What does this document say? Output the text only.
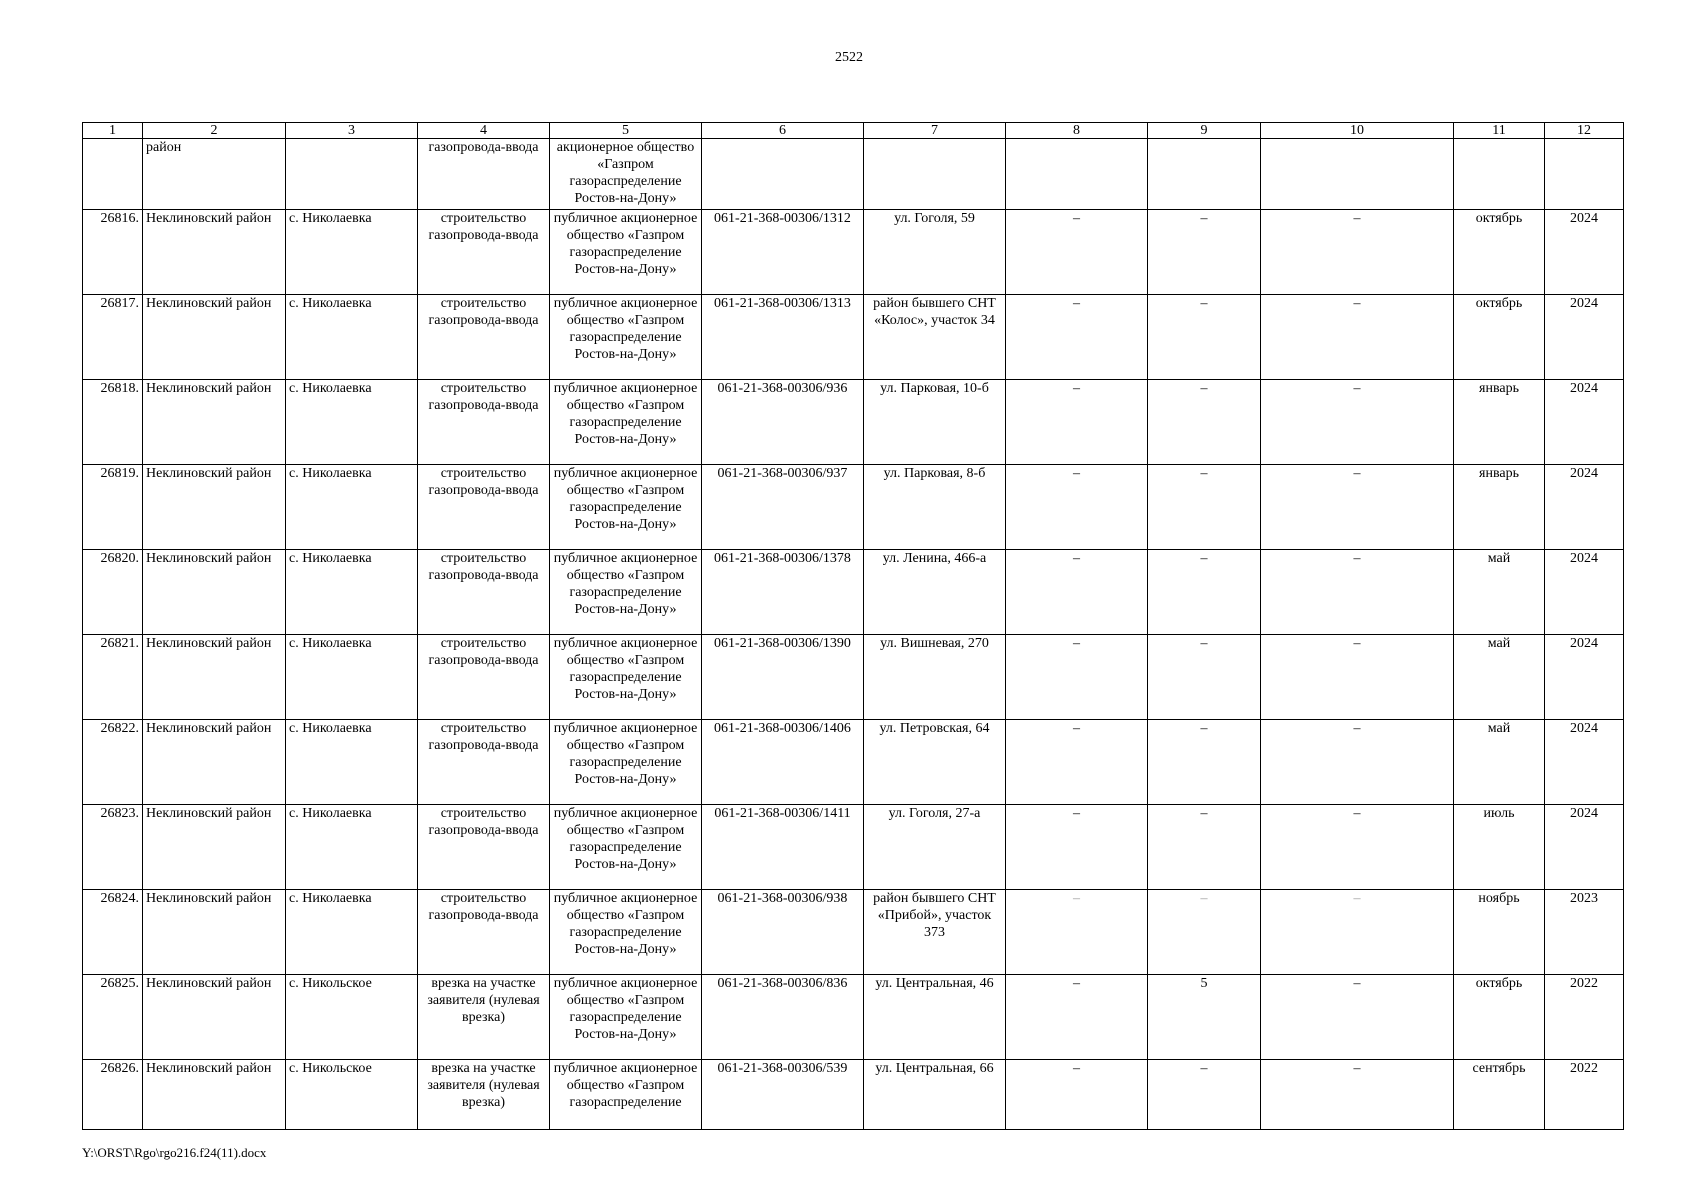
2522
1	2	3	4	5	6	7	8	9	10	11	12
	район		газопровода-ввода	акционерное общество «Газпром газораспределение Ростов-на-Дону»							
26816.	Неклиновский район	с. Николаевка	строительство газопровода-ввода	публичное акционерное общество «Газпром газораспределение Ростов-на-Дону»	061-21-368-00306/1312	ул. Гоголя, 59	–	–	–	октябрь	2024
26817.	Неклиновский район	с. Николаевка	строительство газопровода-ввода	публичное акционерное общество «Газпром газораспределение Ростов-на-Дону»	061-21-368-00306/1313	район бывшего СНТ «Колос», участок 34	–	–	–	октябрь	2024
26818.	Неклиновский район	с. Николаевка	строительство газопровода-ввода	публичное акционерное общество «Газпром газораспределение Ростов-на-Дону»	061-21-368-00306/936	ул. Парковая, 10-б	–	–	–	январь	2024
26819.	Неклиновский район	с. Николаевка	строительство газопровода-ввода	публичное акционерное общество «Газпром газораспределение Ростов-на-Дону»	061-21-368-00306/937	ул. Парковая, 8-б	–	–	–	январь	2024
26820.	Неклиновский район	с. Николаевка	строительство газопровода-ввода	публичное акционерное общество «Газпром газораспределение Ростов-на-Дону»	061-21-368-00306/1378	ул. Ленина, 466-а	–	–	–	май	2024
26821.	Неклиновский район	с. Николаевка	строительство газопровода-ввода	публичное акционерное общество «Газпром газораспределение Ростов-на-Дону»	061-21-368-00306/1390	ул. Вишневая, 270	–	–	–	май	2024
26822.	Неклиновский район	с. Николаевка	строительство газопровода-ввода	публичное акционерное общество «Газпром газораспределение Ростов-на-Дону»	061-21-368-00306/1406	ул. Петровская, 64	–	–	–	май	2024
26823.	Неклиновский район	с. Николаевка	строительство газопровода-ввода	публичное акционерное общество «Газпром газораспределение Ростов-на-Дону»	061-21-368-00306/1411	ул. Гоголя, 27-а	–	–	–	июль	2024
26824.	Неклиновский район	с. Николаевка	строительство газопровода-ввода	публичное акционерное общество «Газпром газораспределение Ростов-на-Дону»	061-21-368-00306/938	район бывшего СНТ «Прибой», участок 373	–	–	–	ноябрь	2023
26825.	Неклиновский район	с. Никольское	врезка на участке заявителя (нулевая врезка)	публичное акционерное общество «Газпром газораспределение Ростов-на-Дону»	061-21-368-00306/836	ул. Центральная, 46	–	5	–	октябрь	2022
26826.	Неклиновский район	с. Никольское	врезка на участке заявителя (нулевая врезка)	публичное акционерное общество «Газпром газораспределение	061-21-368-00306/539	ул. Центральная, 66	–	–	–	сентябрь	2022
Y:\ORST\Rgo\rgo216.f24(11).docx
